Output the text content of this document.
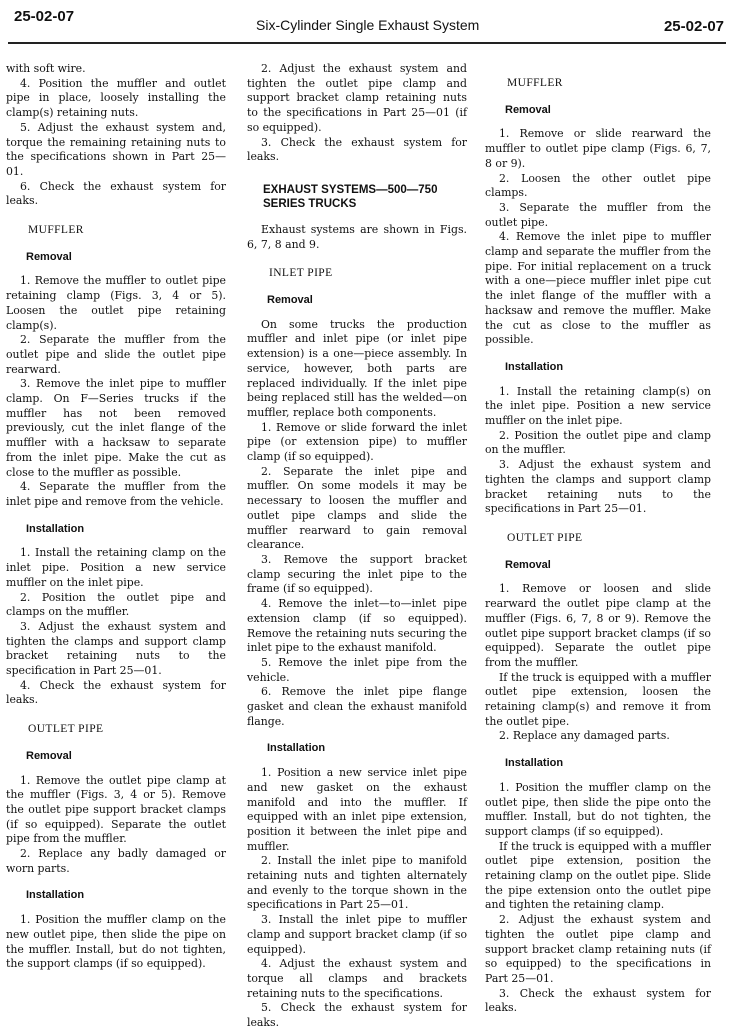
25-02-07	Six-Cylinder Single Exhaust System	25-02-07

with soft wire.

4. Position the muffler and outlet pipe in place, loosely installing the clamp(s) retaining nuts.

5. Adjust the exhaust system and, torque the remaining retaining nuts to the specifications shown in Part 25—01.

6. Check the exhaust system for leaks.

MUFFLER
Removal

1. Remove the muffler to outlet pipe retaining clamp (Figs. 3, 4 or 5). Loosen the outlet pipe retaining clamp(s).

2. Separate the muffler from the outlet pipe and slide the outlet pipe rearward.

3. Remove the inlet pipe to muffler clamp. On F—Series trucks if the muffler has not been removed previously, cut the inlet flange of the muffler with a hacksaw to separate from the inlet pipe. Make the cut as close to the muffler as possible.

4. Separate the muffler from the inlet pipe and remove from the vehicle.

Installation

1. Install the retaining clamp on the inlet pipe. Position a new service muffler on the inlet pipe.

2. Position the outlet pipe and clamps on the muffler.

3. Adjust the exhaust system and tighten the clamps and support clamp bracket retaining nuts to the specification in Part 25—01.

4. Check the exhaust system for leaks.

OUTLET PIPE
Removal

1. Remove the outlet pipe clamp at the muffler (Figs. 3, 4 or 5). Remove the outlet pipe support bracket clamps (if so equipped). Separate the outlet pipe from the muffler.

2. Replace any badly damaged or worn parts.

Installation

1. Position the muffler clamp on the new outlet pipe, then slide the pipe on the muffler. Install, but do not tighten, the support clamps (if so equipped).

2. Adjust the exhaust system and tighten the outlet pipe clamp and support bracket clamp retaining nuts to the specifications in Part 25—01 (if so equipped).

3. Check the exhaust system for leaks.

EXHAUST SYSTEMS—500—750 SERIES TRUCKS

Exhaust systems are shown in Figs. 6, 7, 8 and 9.

INLET PIPE
Removal

On some trucks the production muffler and inlet pipe (or inlet pipe extension) is a one—piece assembly. In service, however, both parts are replaced individually. If the inlet pipe being replaced still has the welded—on muffler, replace both components.

1. Remove or slide forward the inlet pipe (or extension pipe) to muffler clamp (if so equipped).

2. Separate the inlet pipe and muffler. On some models it may be necessary to loosen the muffler and outlet pipe clamps and slide the muffler rearward to gain removal clearance.

3. Remove the support bracket clamp securing the inlet pipe to the frame (if so equipped).

4. Remove the inlet—to—inlet pipe extension clamp (if so equipped). Remove the retaining nuts securing the inlet pipe to the exhaust manifold.

5. Remove the inlet pipe from the vehicle.

6. Remove the inlet pipe flange gasket and clean the exhaust manifold flange.

Installation

1. Position a new service inlet pipe and new gasket on the exhaust manifold and into the muffler. If equipped with an inlet pipe extension, position it between the inlet pipe and muffler.

2. Install the inlet pipe to manifold retaining nuts and tighten alternately and evenly to the torque shown in the specifications in Part 25—01.

3. Install the inlet pipe to muffler clamp and support bracket clamp (if so equipped).

4. Adjust the exhaust system and torque all clamps and brackets retaining nuts to the specifications.

5. Check the exhaust system for leaks.

MUFFLER
Removal

1. Remove or slide rearward the muffler to outlet pipe clamp (Figs. 6, 7, 8 or 9).

2. Loosen the other outlet pipe clamps.

3. Separate the muffler from the outlet pipe.

4. Remove the inlet pipe to muffler clamp and separate the muffler from the pipe. For initial replacement on a truck with a one—piece muffler inlet pipe cut the inlet flange of the muffler with a hacksaw and remove the muffler. Make the cut as close to the muffler as possible.

Installation

1. Install the retaining clamp(s) on the inlet pipe. Position a new service muffler on the inlet pipe.

2. Position the outlet pipe and clamp on the muffler.

3. Adjust the exhaust system and tighten the clamps and support clamp bracket retaining nuts to the specifications in Part 25—01.

OUTLET PIPE
Removal

1. Remove or loosen and slide rearward the outlet pipe clamp at the muffler (Figs. 6, 7, 8 or 9). Remove the outlet pipe support bracket clamps (if so equipped). Separate the outlet pipe from the muffler.

If the truck is equipped with a muffler outlet pipe extension, loosen the retaining clamp(s) and remove it from the outlet pipe.

2. Replace any damaged parts.

Installation

1. Position the muffler clamp on the outlet pipe, then slide the pipe onto the muffler. Install, but do not tighten, the support clamps (if so equipped).

If the truck is equipped with a muffler outlet pipe extension, position the retaining clamp on the outlet pipe. Slide the pipe extension onto the outlet pipe and tighten the retaining clamp.

2. Adjust the exhaust system and tighten the outlet pipe clamp and support bracket clamp retaining nuts (if so equipped) to the specifications in Part 25—01.

3. Check the exhaust system for leaks.
